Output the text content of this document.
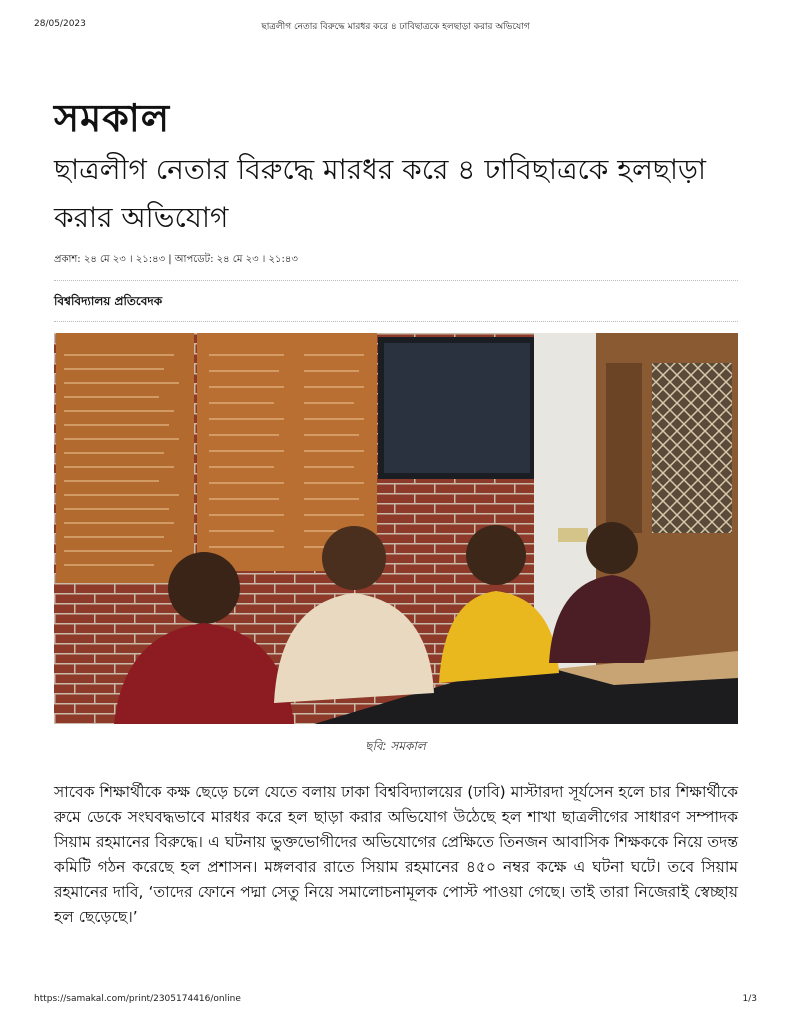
28/05/2023	ছাত্রলীগ নেতার বিরুদ্ধে মারধর করে ৪ ঢাবিছাত্রকে হলছাড়া করার অভিযোগ
সমকাল
ছাত্রলীগ নেতার বিরুদ্ধে মারধর করে ৪ ঢাবিছাত্রকে হলছাড়া করার অভিযোগ
প্রকাশ: ২৪ মে ২৩ । ২১:৪৩ | আপডেট: ২৪ মে ২৩ । ২১:৪৩
বিশ্ববিদ্যালয় প্রতিবেদক
ছবি: সমকাল

সাবেক শিক্ষার্থীকে কক্ষ ছেড়ে চলে যেতে বলায় ঢাকা বিশ্ববিদ্যালয়ের (ঢাবি) মাস্টারদা সূর্যসেন হলে চার শিক্ষার্থীকে রুমে ডেকে সংঘবদ্ধভাবে মারধর করে হল ছাড়া করার অভিযোগ উঠেছে হল শাখা ছাত্রলীগের সাধারণ সম্পাদক সিয়াম রহমানের বিরুদ্ধে। এ ঘটনায় ভুক্তভোগীদের অভিযোগের প্রেক্ষিতে তিনজন আবাসিক শিক্ষককে নিয়ে তদন্ত কমিটি গঠন করেছে হল প্রশাসন। মঙ্গলবার রাতে সিয়াম রহমানের ৪৫০ নম্বর কক্ষে এ ঘটনা ঘটে। তবে সিয়াম রহমানের দাবি, ‘তাদের ফোনে পদ্মা সেতু নিয়ে সমালোচনামূলক পোস্ট পাওয়া গেছে। তাই তারা নিজেরাই স্বেচ্ছায় হল ছেড়েছে।’

https://samakal.com/print/2305174416/online	1/3
